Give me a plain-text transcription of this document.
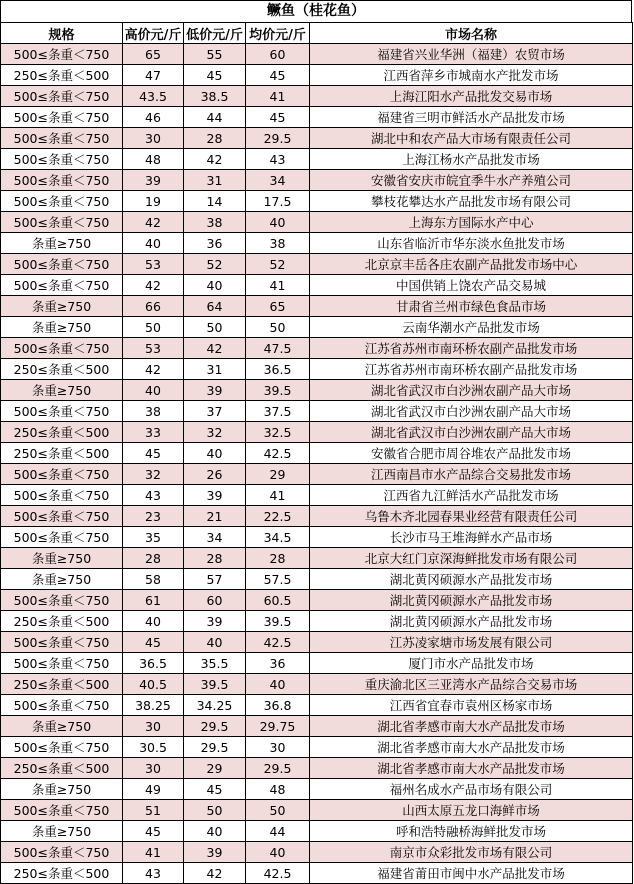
鳜鱼（桂花鱼）
规格	高价元/斤	低价元/斤	均价元/斤	市场名称
500≤条重＜750	65	55	60	福建省兴业华洲（福建）农贸市场
250≤条重＜500	47	45	45	江西省萍乡市城南水产批发市场
500≤条重＜750	43.5	38.5	41	上海江阳水产品批发交易市场
500≤条重＜750	46	44	45	福建省三明市鲜活水产品批发市场
500≤条重＜750	30	28	29.5	湖北中和农产品大市场有限责任公司
500≤条重＜750	48	42	43	上海江杨水产品批发市场
500≤条重＜750	39	31	34	安徽省安庆市皖宜季牛水产养殖公司
500≤条重＜750	19	14	17.5	攀枝花攀达水产品批发市场有限公司
500≤条重＜750	42	38	40	上海东方国际水产中心
条重≥750	40	36	38	山东省临沂市华东淡水鱼批发市场
500≤条重＜750	53	52	52	北京京丰岳各庄农副产品批发市场中心
500≤条重＜750	42	40	41	中国供销上饶农产品交易城
条重≥750	66	64	65	甘肃省兰州市绿色食品市场
条重≥750	50	50	50	云南华潮水产品批发市场
500≤条重＜750	53	42	47.5	江苏省苏州市南环桥农副产品批发市场
250≤条重＜500	42	31	36.5	江苏省苏州市南环桥农副产品批发市场
条重≥750	40	39	39.5	湖北省武汉市白沙洲农副产品大市场
500≤条重＜750	38	37	37.5	湖北省武汉市白沙洲农副产品大市场
250≤条重＜500	33	32	32.5	湖北省武汉市白沙洲农副产品大市场
250≤条重＜500	45	40	42.5	安徽省合肥市周谷堆农产品批发市场
500≤条重＜750	32	26	29	江西南昌市水产品综合交易批发市场
500≤条重＜750	43	39	41	江西省九江鲜活水产品批发市场
500≤条重＜750	23	21	22.5	乌鲁木齐北园春果业经营有限责任公司
500≤条重＜750	35	34	34.5	长沙市马王堆海鲜水产品市场
条重≥750	28	28	28	北京大红门京深海鲜批发市场有限公司
条重≥750	58	57	57.5	湖北黄冈硕源水产品批发市场
500≤条重＜750	61	60	60.5	湖北黄冈硕源水产品批发市场
250≤条重＜500	40	39	39.5	湖北黄冈硕源水产品批发市场
500≤条重＜750	45	40	42.5	江苏凌家塘市场发展有限公司
500≤条重＜750	36.5	35.5	36	厦门市水产品批发市场
250≤条重＜500	40.5	39.5	40	重庆渝北区三亚湾水产品综合交易市场
500≤条重＜750	38.25	34.25	36.8	江西省宜春市袁州区杨家市场
条重≥750	30	29.5	29.75	湖北省孝感市南大水产品批发市场
500≤条重＜750	30.5	29.5	30	湖北省孝感市南大水产品批发市场
250≤条重＜500	30	29	29.5	湖北省孝感市南大水产品批发市场
条重≥750	49	45	48	福州名成水产品市场有限公司
500≤条重＜750	51	50	50	山西太原五龙口海鲜市场
条重≥750	45	40	44	呼和浩特融桥海鲜批发市场
500≤条重＜750	41	39	40	南京市众彩批发市场有限公司
250≤条重＜500	43	42	42.5	福建省莆田市闽中水产品批发市场
